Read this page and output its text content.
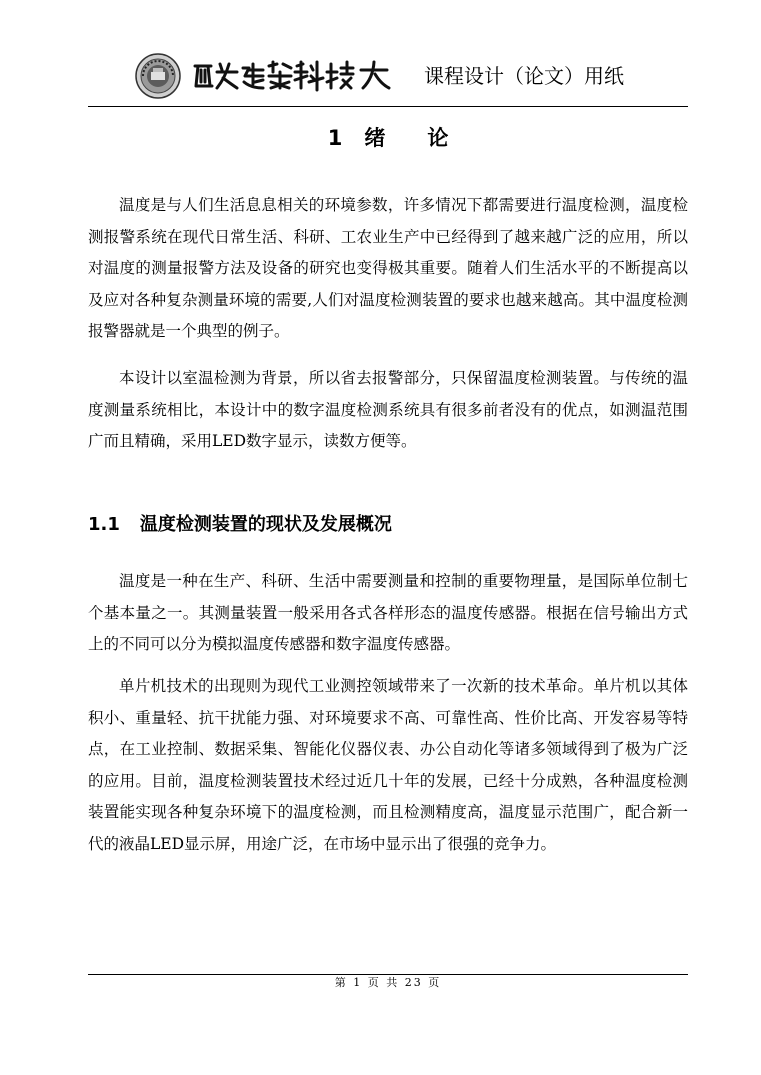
课程设计（论文）用纸
1 绪 论

温度是与人们生活息息相关的环境参数，许多情况下都需要进行温度检测，温度检测报警系统在现代日常生活、科研、工农业生产中已经得到了越来越广泛的应用，所以对温度的测量报警方法及设备的研究也变得极其重要。随着人们生活水平的不断提高以及应对各种复杂测量环境的需要,人们对温度检测装置的要求也越来越高。其中温度检测报警器就是一个典型的例子。

本设计以室温检测为背景，所以省去报警部分，只保留温度检测装置。与传统的温度测量系统相比，本设计中的数字温度检测系统具有很多前者没有的优点，如测温范围广而且精确，采用LED数字显示，读数方便等。

1.1 温度检测装置的现状及发展概况

温度是一种在生产、科研、生活中需要测量和控制的重要物理量，是国际单位制七个基本量之一。其测量装置一般采用各式各样形态的温度传感器。根据在信号输出方式上的不同可以分为模拟温度传感器和数字温度传感器。

单片机技术的出现则为现代工业测控领域带来了一次新的技术革命。单片机以其体积小、重量轻、抗干扰能力强、对环境要求不高、可靠性高、性价比高、开发容易等特点，在工业控制、数据采集、智能化仪器仪表、办公自动化等诸多领域得到了极为广泛的应用。目前，温度检测装置技术经过近几十年的发展，已经十分成熟，各种温度检测装置能实现各种复杂环境下的温度检测，而且检测精度高，温度显示范围广，配合新一代的液晶LED显示屏，用途广泛，在市场中显示出了很强的竞争力。

第 1 页 共 23 页
